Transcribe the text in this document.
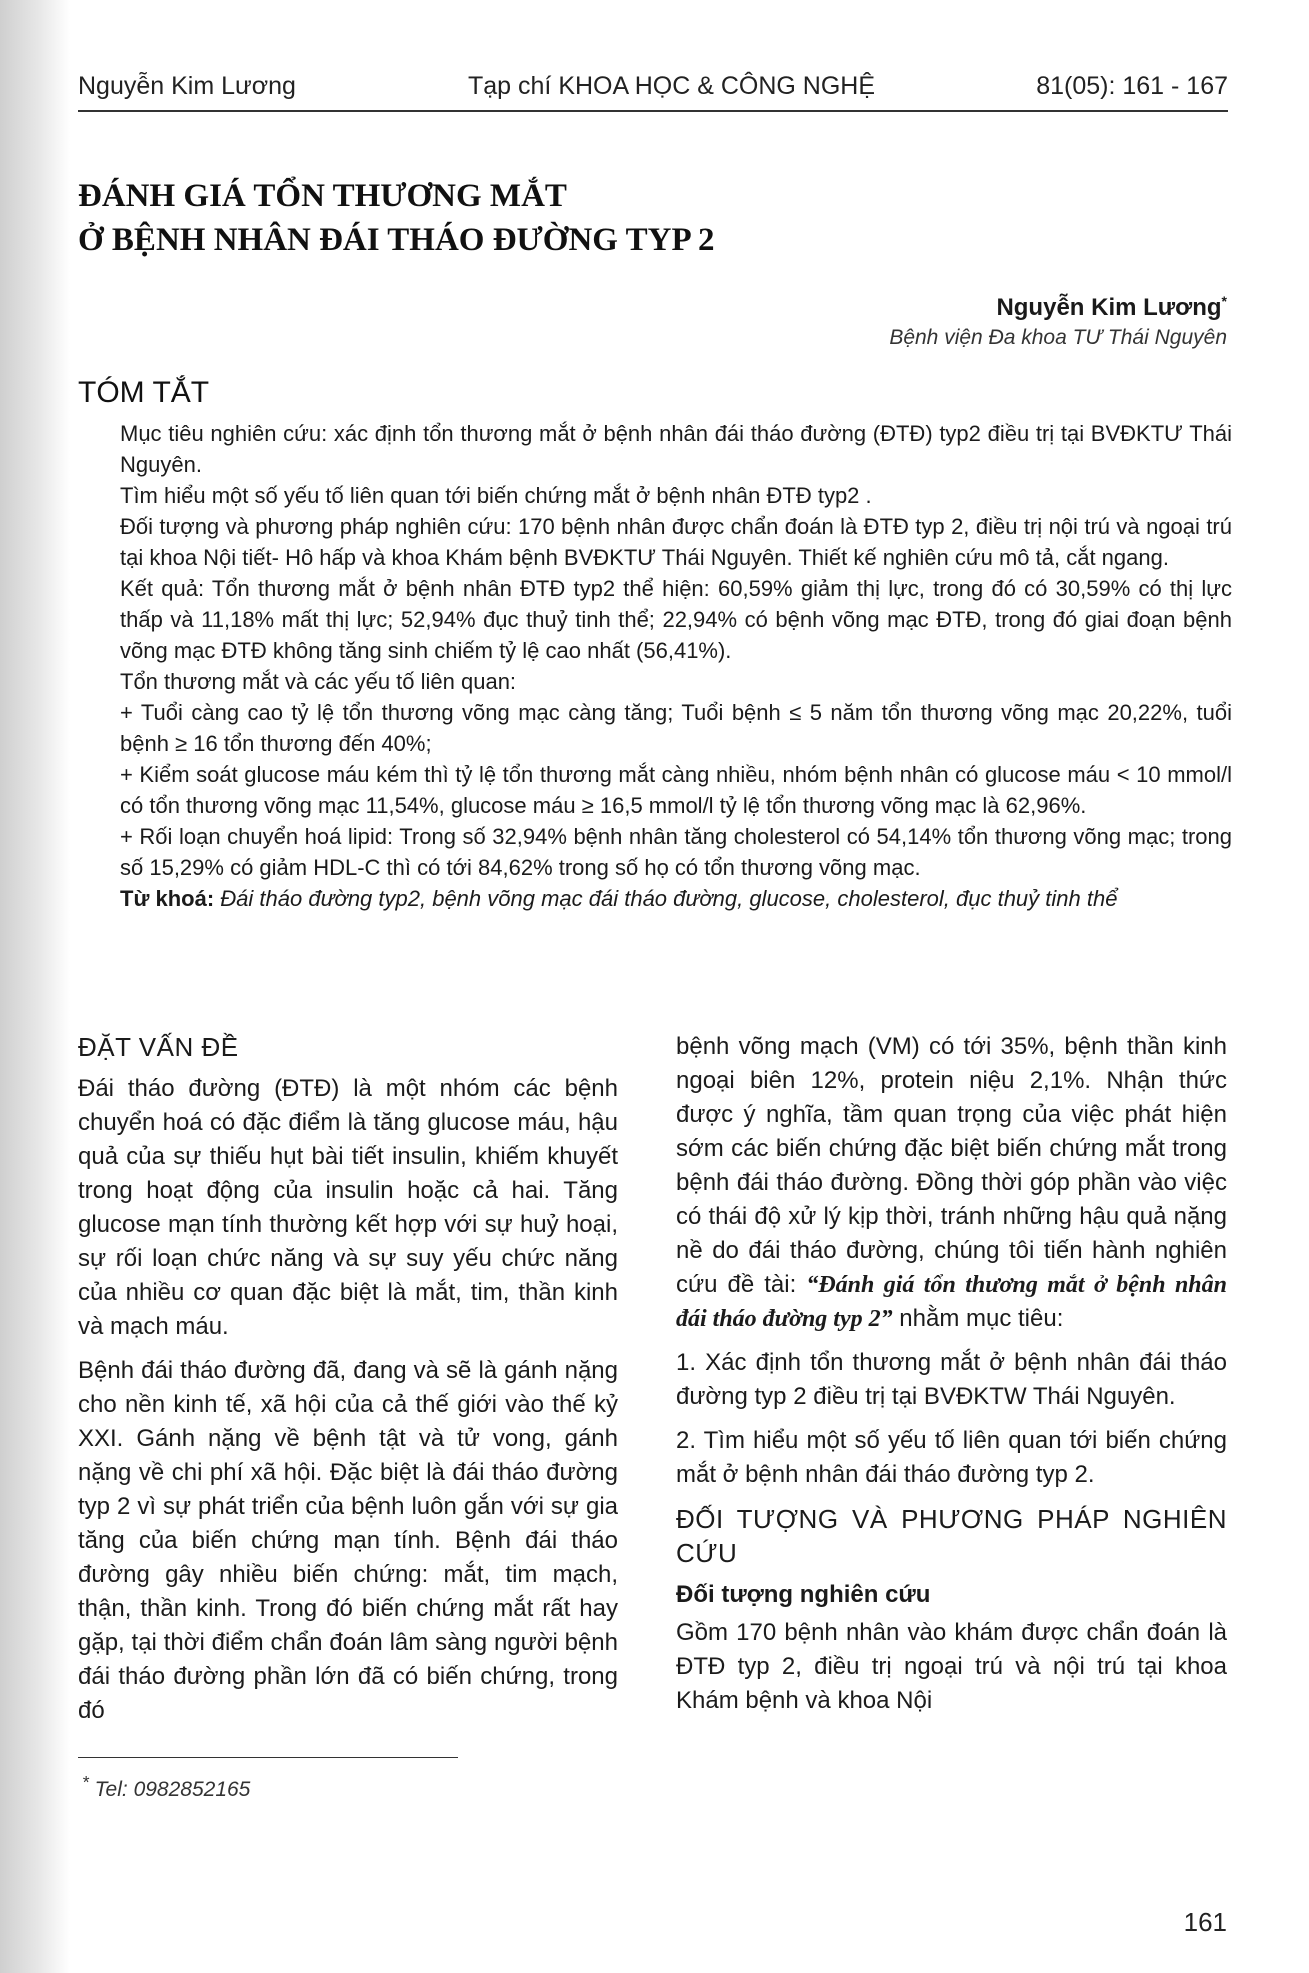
Nguyễn Kim Lương	Tạp chí KHOA HỌC & CÔNG NGHỆ	81(05): 161 - 167
ĐÁNH GIÁ TỔN THƯƠNG MẮT
Ở BỆNH NHÂN ĐÁI THÁO ĐƯỜNG TYP 2
Nguyễn Kim Lương*
Bệnh viện Đa khoa TƯ Thái Nguyên
TÓM TẮT

Mục tiêu nghiên cứu: xác định tổn thương mắt ở bệnh nhân đái tháo đường (ĐTĐ) typ2 điều trị tại BVĐKTƯ Thái Nguyên.

Tìm hiểu một số yếu tố liên quan tới biến chứng mắt ở bệnh nhân ĐTĐ typ2 .

Đối tượng và phương pháp nghiên cứu: 170 bệnh nhân được chẩn đoán là ĐTĐ typ 2, điều trị nội trú và ngoại trú tại khoa Nội tiết- Hô hấp và khoa Khám bệnh BVĐKTƯ Thái Nguyên. Thiết kế nghiên cứu mô tả, cắt ngang.

Kết quả: Tổn thương mắt ở bệnh nhân ĐTĐ typ2 thể hiện: 60,59% giảm thị lực, trong đó có 30,59% có thị lực thấp và 11,18% mất thị lực; 52,94% đục thuỷ tinh thể; 22,94% có bệnh võng mạc ĐTĐ, trong đó giai đoạn bệnh võng mạc ĐTĐ không tăng sinh chiếm tỷ lệ cao nhất (56,41%).

Tổn thương mắt và các yếu tố liên quan:

+ Tuổi càng cao tỷ lệ tổn thương võng mạc càng tăng; Tuổi bệnh ≤ 5 năm tổn thương võng mạc 20,22%, tuổi bệnh ≥ 16 tổn thương đến 40%;

+ Kiểm soát glucose máu kém thì tỷ lệ tổn thương mắt càng nhiều, nhóm bệnh nhân có glucose máu < 10 mmol/l có tổn thương võng mạc 11,54%, glucose máu ≥ 16,5 mmol/l tỷ lệ tổn thương võng mạc là 62,96%.

+ Rối loạn chuyển hoá lipid: Trong số 32,94% bệnh nhân tăng cholesterol có 54,14% tổn thương võng mạc; trong số 15,29% có giảm HDL-C thì có tới 84,62% trong số họ có tổn thương võng mạc.

Từ khoá: Đái tháo đường typ2, bệnh võng mạc đái tháo đường, glucose, cholesterol, đục thuỷ tinh thể

ĐẶT VẤN ĐỀ

Đái tháo đường (ĐTĐ) là một nhóm các bệnh chuyển hoá có đặc điểm là tăng glucose máu, hậu quả của sự thiếu hụt bài tiết insulin, khiếm khuyết trong hoạt động của insulin hoặc cả hai. Tăng glucose mạn tính thường kết hợp với sự huỷ hoại, sự rối loạn chức năng và sự suy yếu chức năng của nhiều cơ quan đặc biệt là mắt, tim, thần kinh và mạch máu.

Bệnh đái tháo đường đã, đang và sẽ là gánh nặng cho nền kinh tế, xã hội của cả thế giới vào thế kỷ XXI. Gánh nặng về bệnh tật và tử vong, gánh nặng về chi phí xã hội. Đặc biệt là đái tháo đường typ 2 vì sự phát triển của bệnh luôn gắn với sự gia tăng của biến chứng mạn tính. Bệnh đái tháo đường gây nhiều biến chứng: mắt, tim mạch, thận, thần kinh. Trong đó biến chứng mắt rất hay gặp, tại thời điểm chẩn đoán lâm sàng người bệnh đái tháo đường phần lớn đã có biến chứng, trong đó

bệnh võng mạch (VM) có tới 35%, bệnh thần kinh ngoại biên 12%, protein niệu 2,1%. Nhận thức được ý nghĩa, tầm quan trọng của việc phát hiện sớm các biến chứng đặc biệt biến chứng mắt trong bệnh đái tháo đường. Đồng thời góp phần vào việc có thái độ xử lý kịp thời, tránh những hậu quả nặng nề do đái tháo đường, chúng tôi tiến hành nghiên cứu đề tài: “Đánh giá tổn thương mắt ở bệnh nhân đái tháo đường typ 2” nhằm mục tiêu:

1. Xác định tổn thương mắt ở bệnh nhân đái tháo đường typ 2 điều trị tại BVĐKTW Thái Nguyên.

2. Tìm hiểu một số yếu tố liên quan tới biến chứng mắt ở bệnh nhân đái tháo đường typ 2.

ĐỐI TƯỢNG VÀ PHƯƠNG PHÁP NGHIÊN CỨU
Đối tượng nghiên cứu

Gồm 170 bệnh nhân vào khám được chẩn đoán là ĐTĐ typ 2, điều trị ngoại trú và nội trú tại khoa Khám bệnh và khoa Nội

* Tel: 0982852165
161
